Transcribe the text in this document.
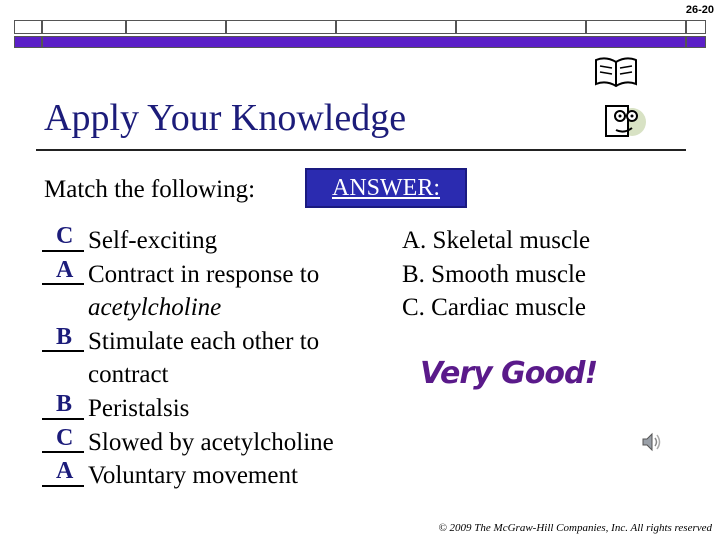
26-20
Apply Your Knowledge
Match the following:	ANSWER:
C Self-exciting
A Contract in response to
acetylcholine
B Stimulate each other to
contract
B Peristalsis
C Slowed by acetylcholine
A Voluntary movement
A. Skeletal muscle
B. Smooth muscle
C. Cardiac muscle
Very Good!
© 2009 The McGraw-Hill Companies, Inc. All rights reserved
